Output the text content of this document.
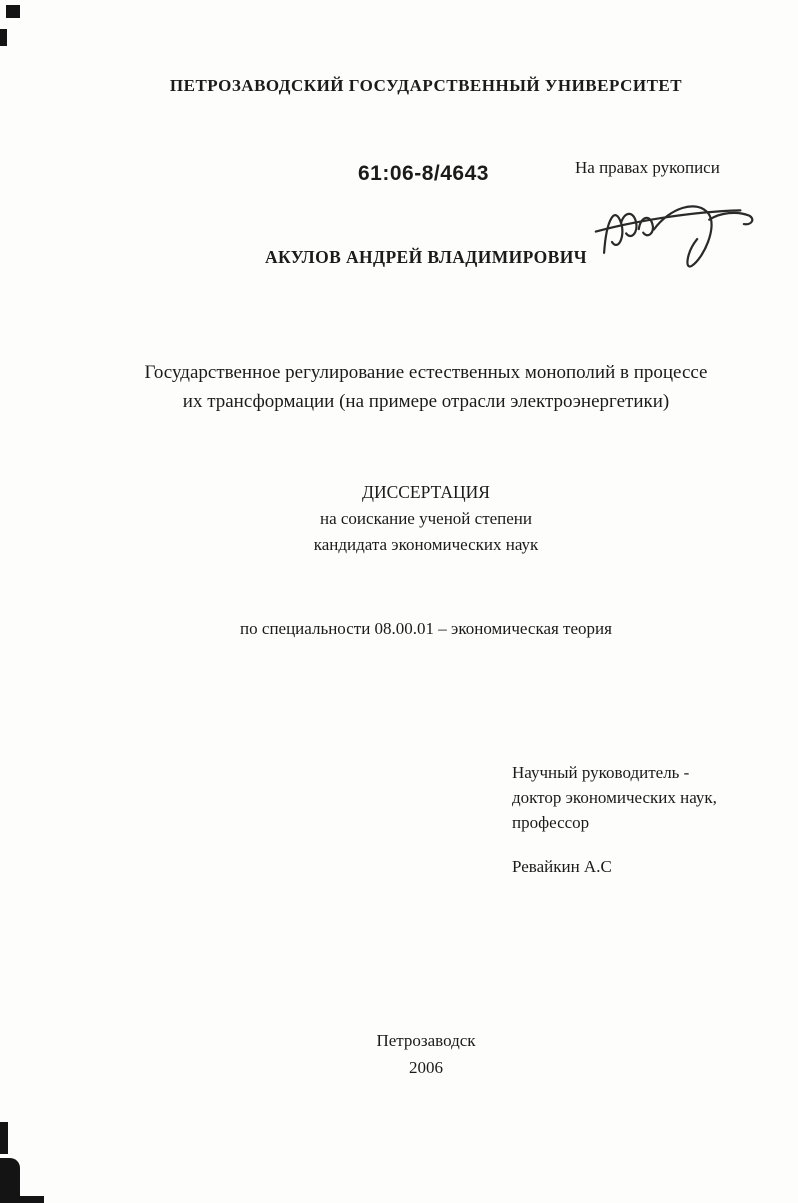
ПЕТРОЗАВОДСКИЙ ГОСУДАРСТВЕННЫЙ УНИВЕРСИТЕТ
61:06-8/4643	На правах рукописи
АКУЛОВ АНДРЕЙ ВЛАДИМИРОВИЧ
Государственное регулирование естественных монополий в процессе
их трансформации (на примере отрасли электроэнергетики)
ДИССЕРТАЦИЯ
на соискание ученой степени
кандидата экономических наук
по специальности 08.00.01 – экономическая теория
Научный руководитель -
доктор экономических наук,
профессор
Ревайкин А.С
Петрозаводск
2006
